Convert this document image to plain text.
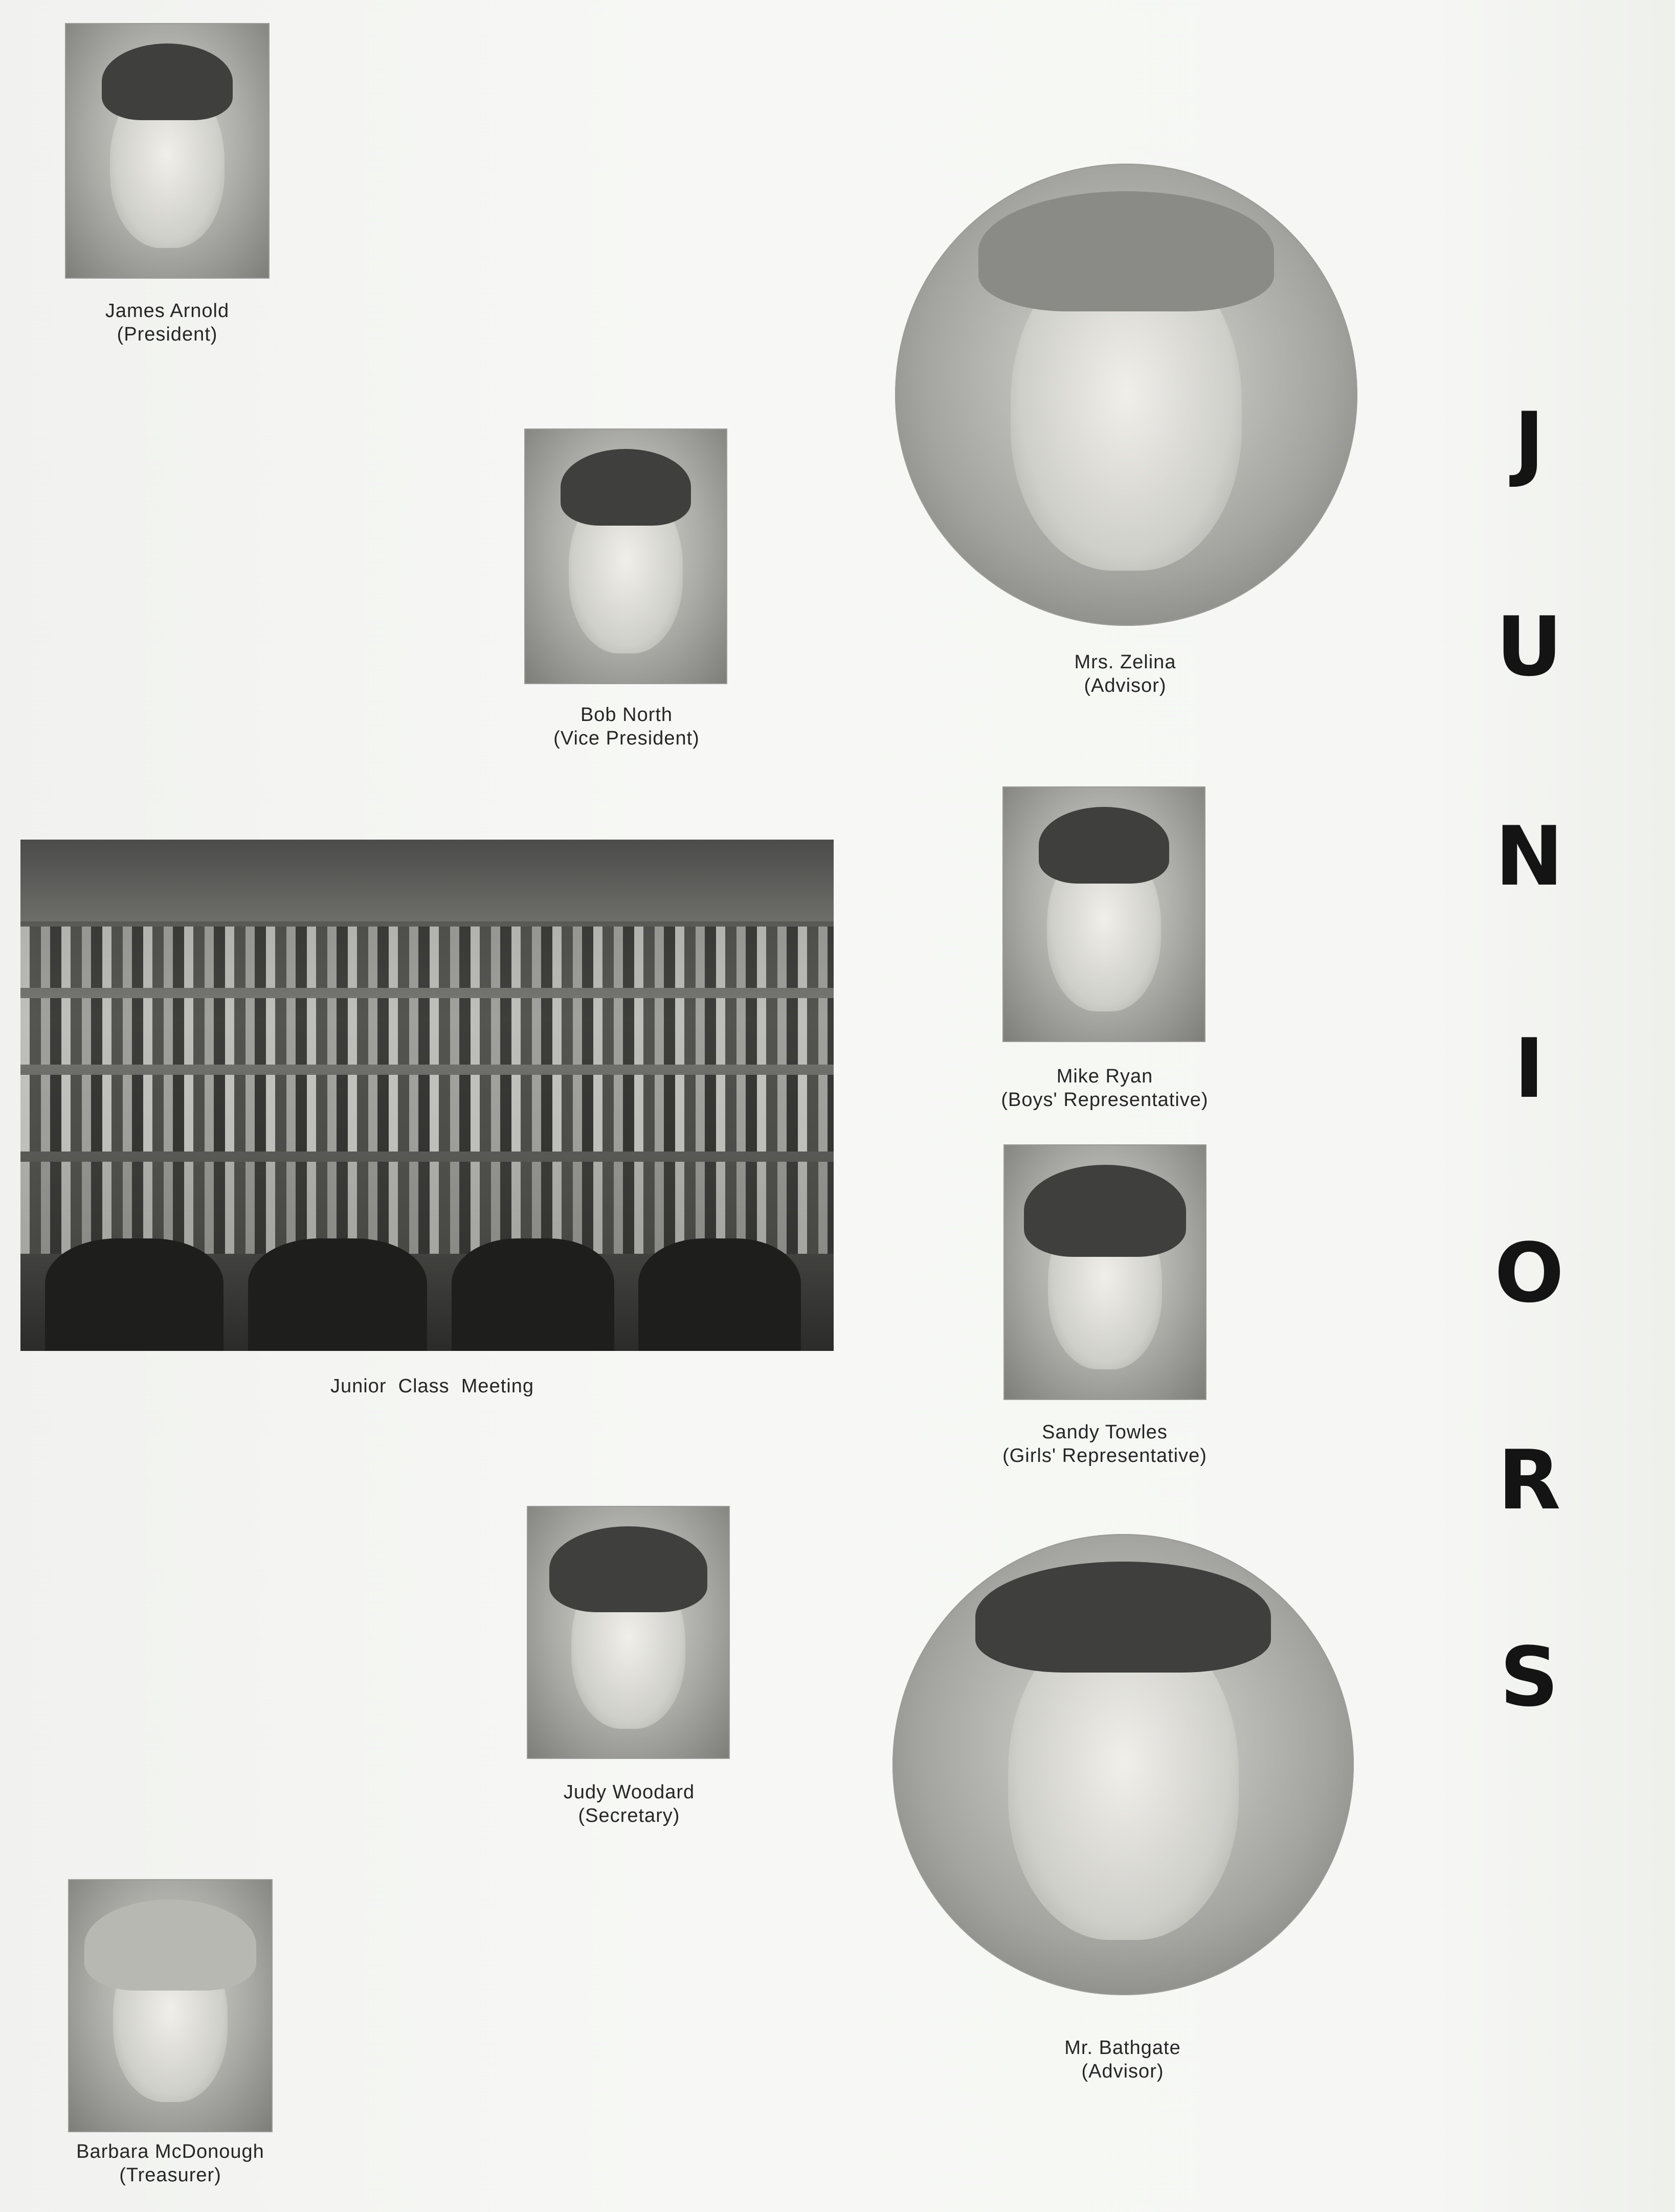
James Arnold
(President)
Bob North
(Vice President)
Mrs. Zelina
(Advisor)
Junior  Class  Meeting
Mike Ryan
(Boys' Representative)
Sandy Towles
(Girls' Representative)
Judy Woodard
(Secretary)
Mr. Bathgate
(Advisor)
Barbara McDonough
(Treasurer)
J
U
N
I
O
R
S
